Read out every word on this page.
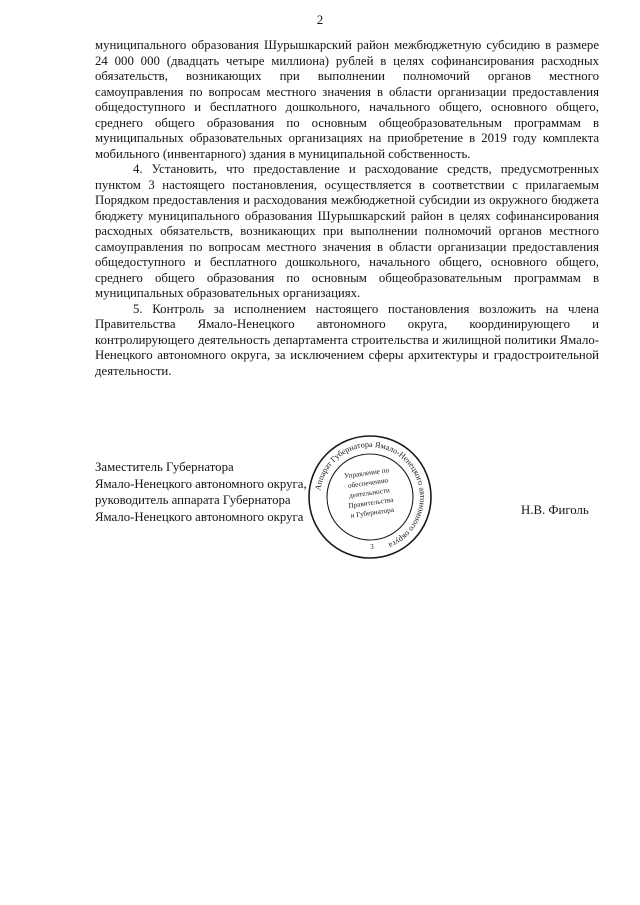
2

муниципального образования Шурышкарский район межбюджетную субсидию в размере 24 000 000 (двадцать четыре миллиона) рублей в целях софинансирования расходных обязательств, возникающих при выполнении полномочий органов местного самоуправления по вопросам местного значения в области организации предоставления общедоступного и бесплатного дошкольного, начального общего, основного общего, среднего общего образования по основным общеобразовательным программам в муниципальных образовательных организациях на приобретение в 2019 году комплекта мобильного (инвентарного) здания в муниципальной собственность.

4. Установить, что предоставление и расходование средств, предусмотренных пунктом 3 настоящего постановления, осуществляется в соответствии с прилагаемым Порядком предоставления и расходования межбюджетной субсидии из окружного бюджета бюджету муниципального образования Шурышкарский район в целях софинансирования расходных обязательств, возникающих при выполнении полномочий органов местного самоуправления по вопросам местного значения в области организации предоставления общедоступного и бесплатного дошкольного, начального общего, основного общего, среднего общего образования по основным общеобразовательным программам в муниципальных образовательных организациях.

5. Контроль за исполнением настоящего постановления возложить на члена Правительства Ямало-Ненецкого автономного округа, координирующего и контролирующего деятельность департамента строительства и жилищной политики Ямало-Ненецкого автономного округа, за исключением сферы архитектуры и градостроительной деятельности.

Заместитель Губернатора
Ямало-Ненецкого автономного округа,
руководитель аппарата Губернатора
Ямало-Ненецкого автономного округа	Н.В. Фиголь
Аппарат Губернатора Ямало-Ненецкого автономного округа
Управление по
обеспечению
деятельности
Правительства
и Губернатора
3
